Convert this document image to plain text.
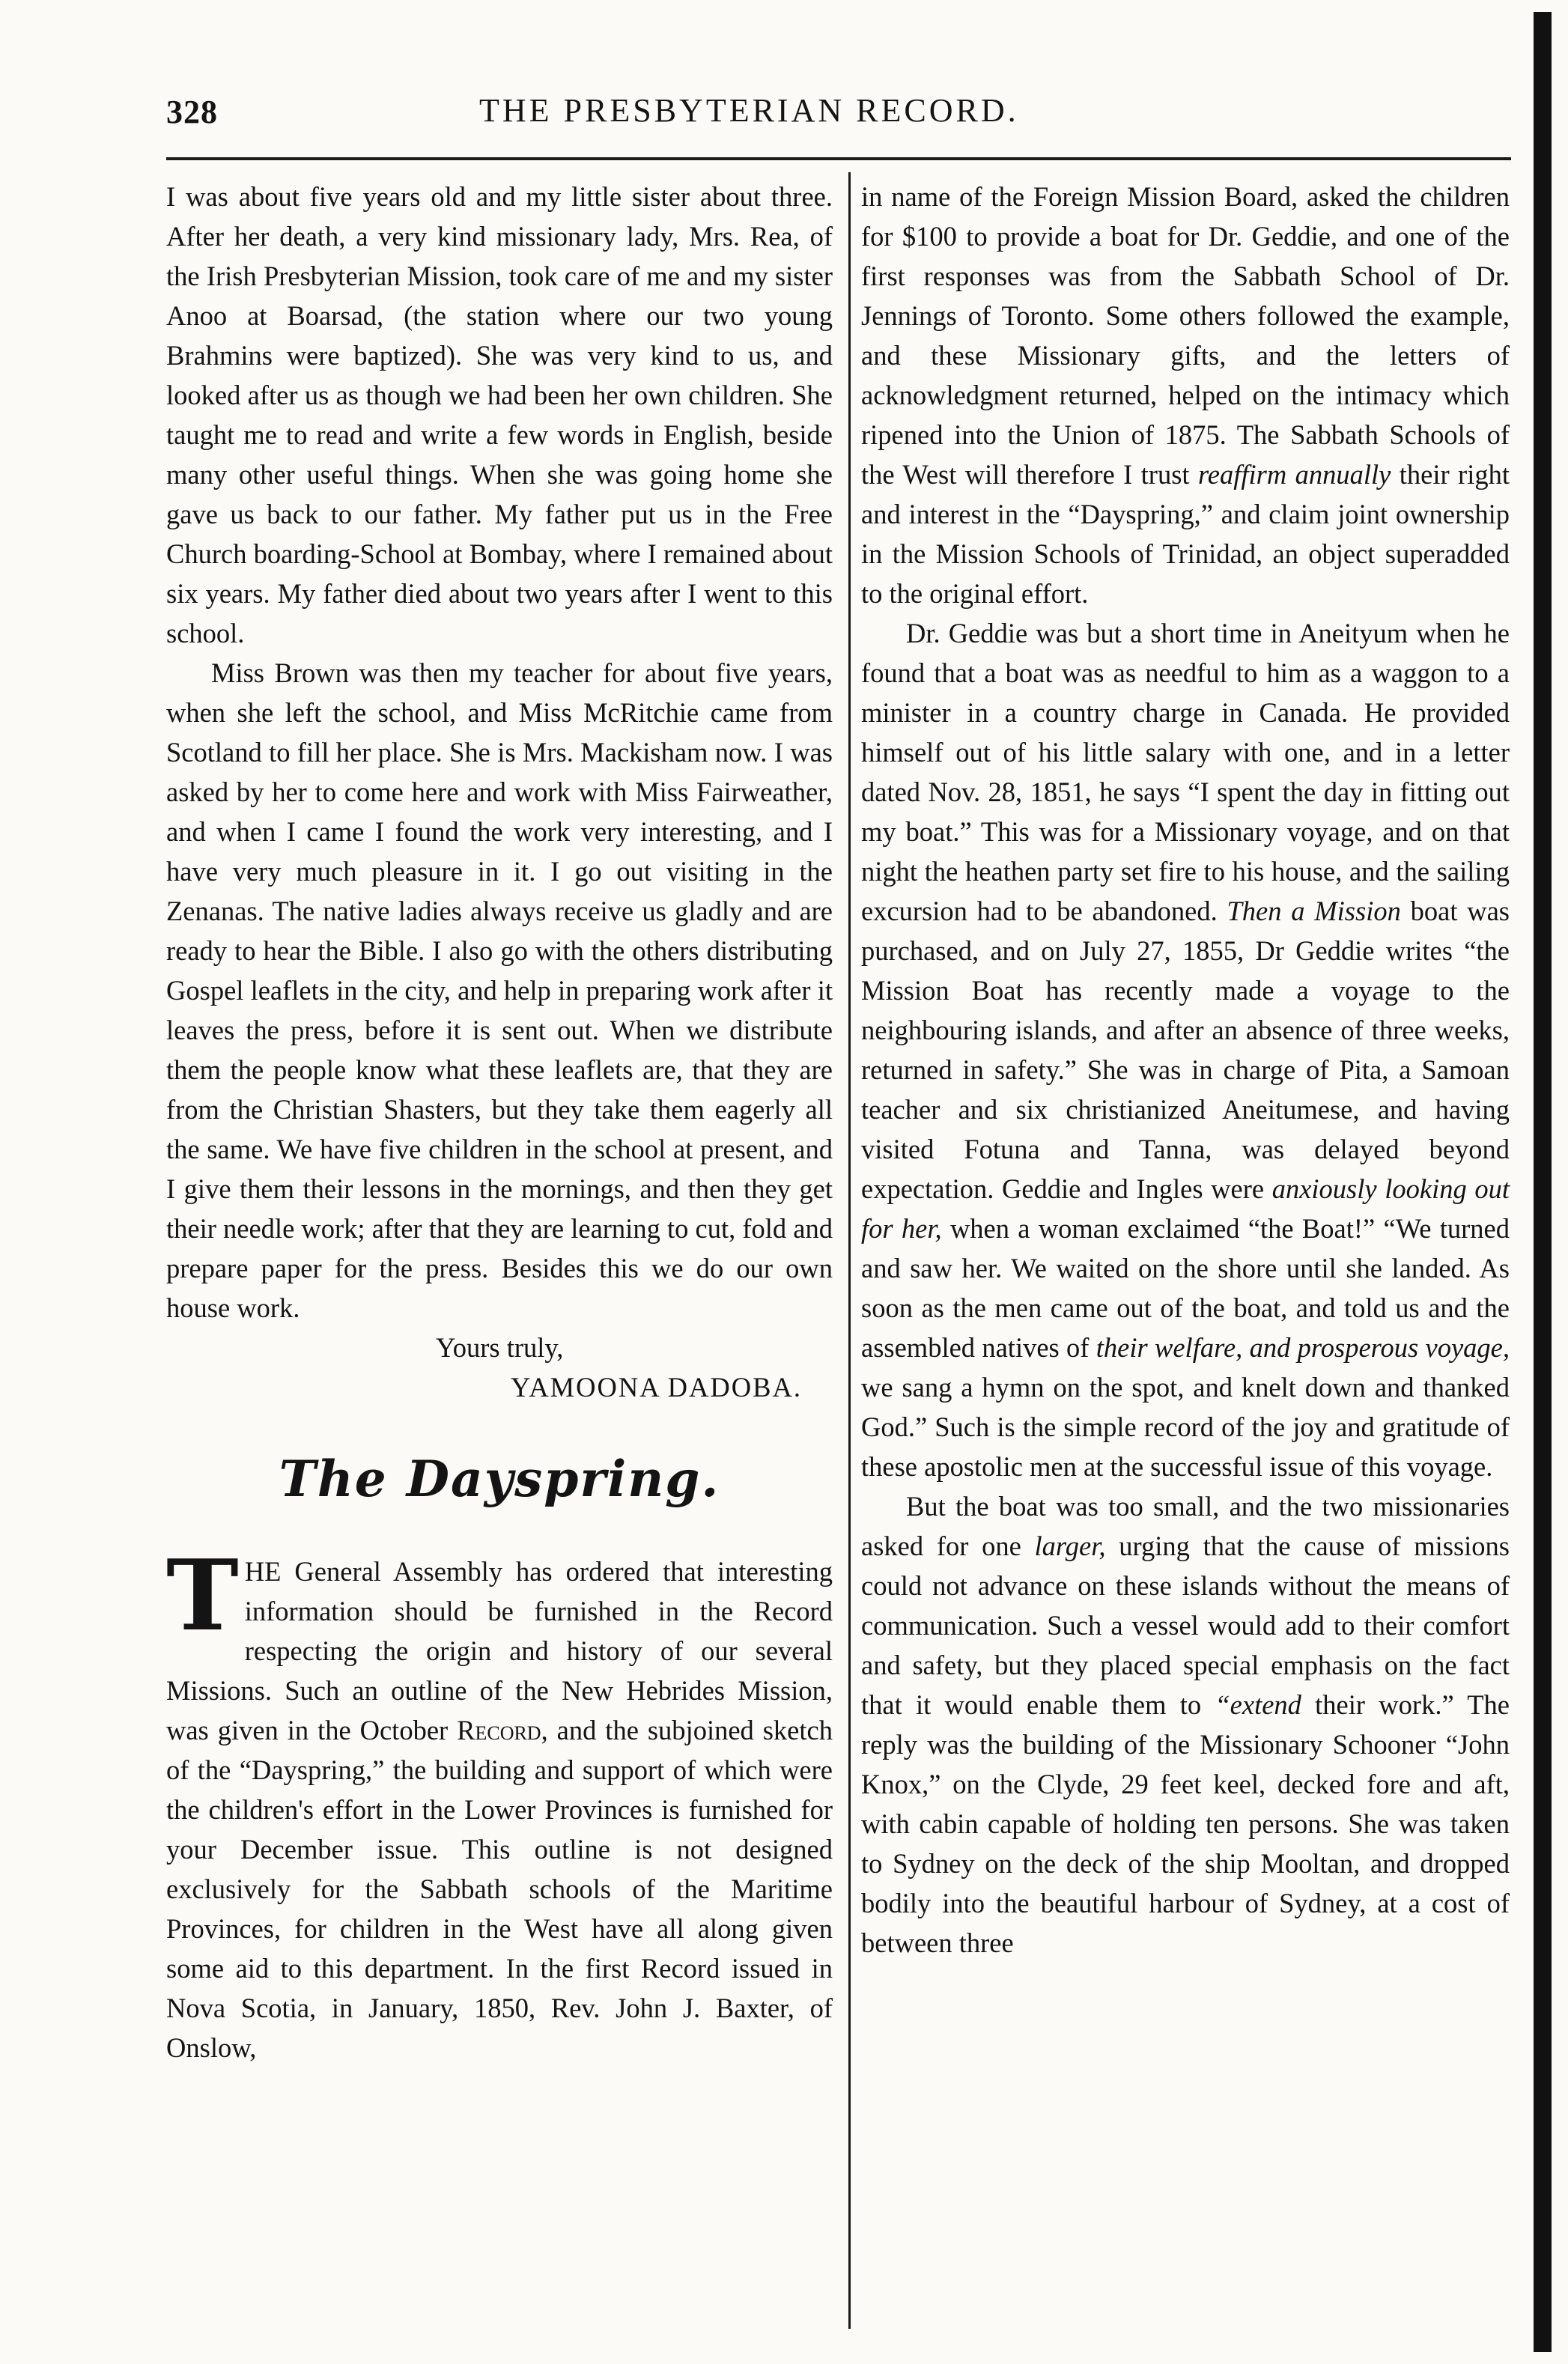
328	THE PRESBYTERIAN RECORD.

I was about five years old and my little sister about three. After her death, a very kind missionary lady, Mrs. Rea, of the Irish Presbyterian Mission, took care of me and my sister Anoo at Boarsad, (the station where our two young Brahmins were baptized). She was very kind to us, and looked after us as though we had been her own children. She taught me to read and write a few words in English, beside many other useful things. When she was going home she gave us back to our father. My father put us in the Free Church boarding-School at Bombay, where I remained about six years. My father died about two years after I went to this school.

Miss Brown was then my teacher for about five years, when she left the school, and Miss McRitchie came from Scotland to fill her place. She is Mrs. Mackisham now. I was asked by her to come here and work with Miss Fairweather, and when I came I found the work very interesting, and I have very much pleasure in it. I go out visiting in the Zenanas. The native ladies always receive us gladly and are ready to hear the Bible. I also go with the others distributing Gospel leaflets in the city, and help in preparing work after it leaves the press, before it is sent out. When we distribute them the people know what these leaflets are, that they are from the Christian Shasters, but they take them eagerly all the same. We have five children in the school at present, and I give them their lessons in the mornings, and then they get their needle work; after that they are learning to cut, fold and prepare paper for the press. Besides this we do our own house work.

Yours truly,

YAMOONA DADOBA.

The Dayspring.

THE General Assembly has ordered that interesting information should be furnished in the Record respecting the origin and history of our several Missions. Such an outline of the New Hebrides Mission, was given in the October Record, and the subjoined sketch of the “Dayspring,” the building and support of which were the children's effort in the Lower Provinces is furnished for your December issue. This outline is not designed exclusively for the Sabbath schools of the Maritime Provinces, for children in the West have all along given some aid to this department. In the first Record issued in Nova Scotia, in January, 1850, Rev. John J. Baxter, of Onslow,

in name of the Foreign Mission Board, asked the children for $100 to provide a boat for Dr. Geddie, and one of the first responses was from the Sabbath School of Dr. Jennings of Toronto. Some others followed the example, and these Missionary gifts, and the letters of acknowledgment returned, helped on the intimacy which ripened into the Union of 1875. The Sabbath Schools of the West will therefore I trust reaffirm annually their right and interest in the “Dayspring,” and claim joint ownership in the Mission Schools of Trinidad, an object superadded to the original effort.

Dr. Geddie was but a short time in Aneityum when he found that a boat was as needful to him as a waggon to a minister in a country charge in Canada. He provided himself out of his little salary with one, and in a letter dated Nov. 28, 1851, he says “I spent the day in fitting out my boat.” This was for a Missionary voyage, and on that night the heathen party set fire to his house, and the sailing excursion had to be abandoned. Then a Mission boat was purchased, and on July 27, 1855, Dr Geddie writes “the Mission Boat has recently made a voyage to the neighbouring islands, and after an absence of three weeks, returned in safety.” She was in charge of Pita, a Samoan teacher and six christianized Aneitumese, and having visited Fotuna and Tanna, was delayed beyond expectation. Geddie and Ingles were anxiously looking out for her, when a woman exclaimed “the Boat!” “We turned and saw her. We waited on the shore until she landed. As soon as the men came out of the boat, and told us and the assembled natives of their welfare, and prosperous voyage, we sang a hymn on the spot, and knelt down and thanked God.” Such is the simple record of the joy and gratitude of these apostolic men at the successful issue of this voyage.

But the boat was too small, and the two missionaries asked for one larger, urging that the cause of missions could not advance on these islands without the means of communication. Such a vessel would add to their comfort and safety, but they placed special emphasis on the fact that it would enable them to “extend their work.” The reply was the building of the Missionary Schooner “John Knox,” on the Clyde, 29 feet keel, decked fore and aft, with cabin capable of holding ten persons. She was taken to Sydney on the deck of the ship Mooltan, and dropped bodily into the beautiful harbour of Sydney, at a cost of between three
